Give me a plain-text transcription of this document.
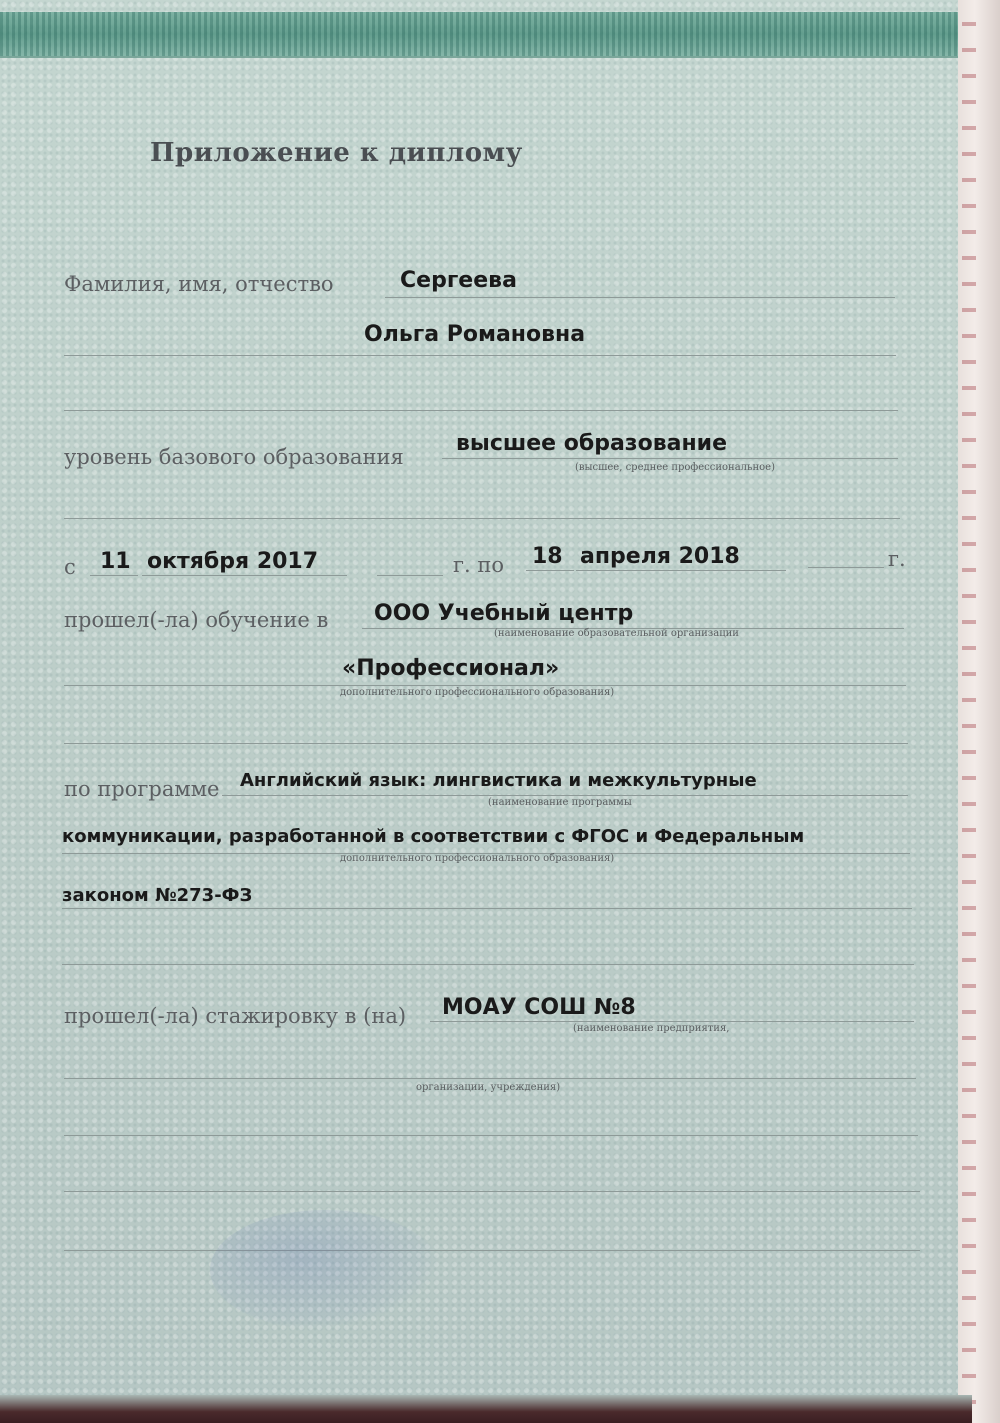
Приложение к диплому
Фамилия, имя, отчество	Сергеева
Ольга Романовна
уровень базового образования
высшее образование
(высшее, среднее профессиональное)
с 11 октября 2017	г. по 18 апреля 2018	г.
прошел(-ла) обучение в ООО Учебный центр
(наименование образовательной организации
«Профессионал»
дополнительного профессионального образования)
по программе Английский язык: лингвистика и межкультурные
(наименование программы
коммуникации, разработанной в соответствии с ФГОС и Федеральным
дополнительного профессионального образования)
законом №273-ФЗ
прошел(-ла) стажировку в (на) МОАУ СОШ №8
(наименование предприятия,
организации, учреждения)
